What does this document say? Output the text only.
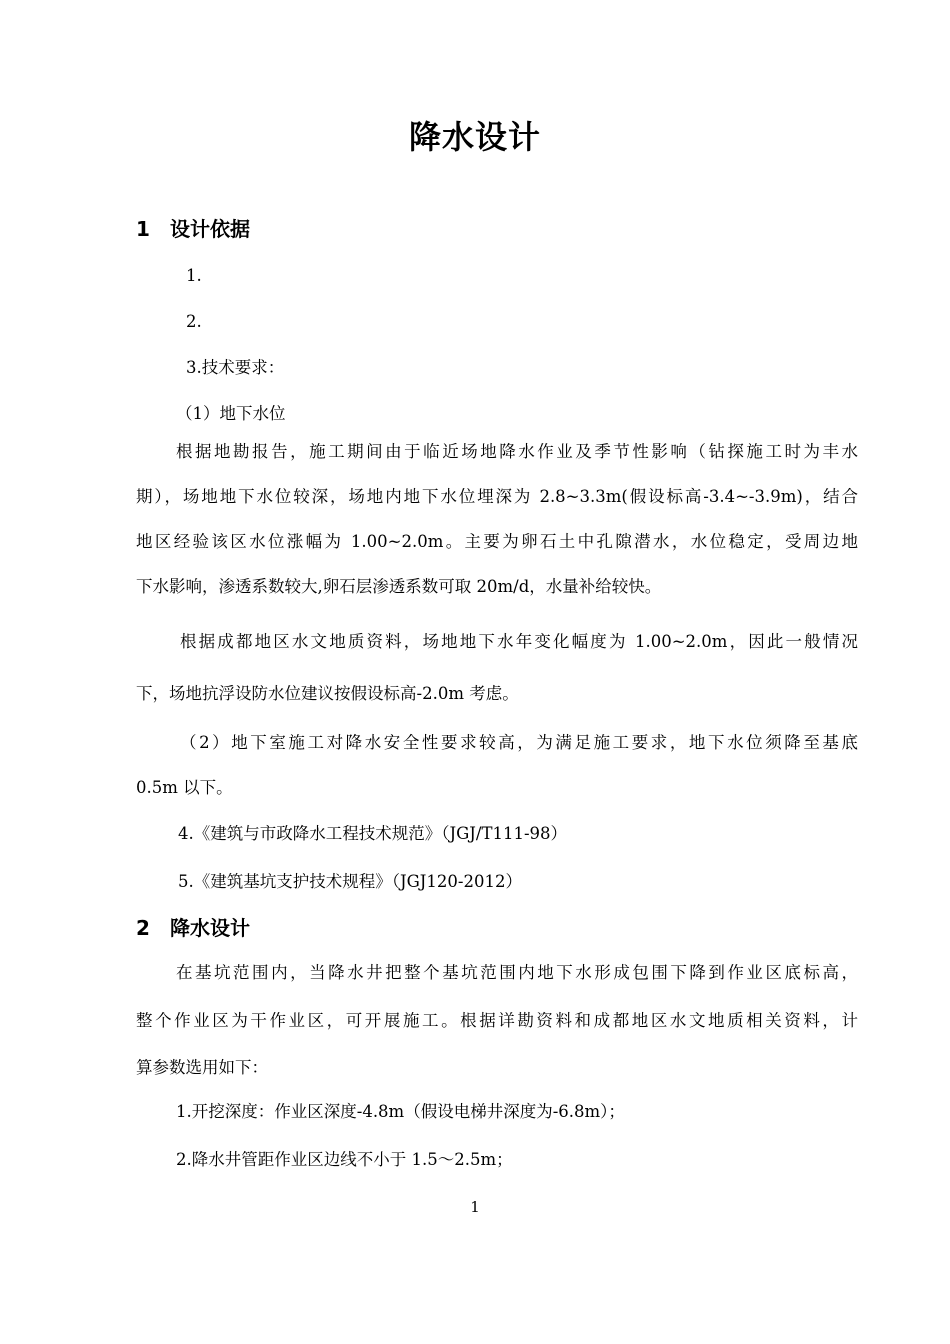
降水设计
1 设计依据
1.
2.
3.技术要求：
（1）地下水位
根据地勘报告，施工期间由于临近场地降水作业及季节性影响（钻探施工时为丰水
期），场地地下水位较深，场地内地下水位埋深为 2.8~3.3m(假设标高-3.4~-3.9m)，结合
地区经验该区水位涨幅为 1.00~2.0m。主要为卵石土中孔隙潜水，水位稳定，受周边地
下水影响，渗透系数较大,卵石层渗透系数可取 20m/d，水量补给较快。
根据成都地区水文地质资料，场地地下水年变化幅度为 1.00~2.0m，因此一般情况
下，场地抗浮设防水位建议按假设标高-2.0m 考虑。
（2）地下室施工对降水安全性要求较高，为满足施工要求，地下水位须降至基底
0.5m 以下。
4.《建筑与市政降水工程技术规范》（JGJ/T111-98）
5.《建筑基坑支护技术规程》（JGJ120-2012）
2 降水设计
在基坑范围内，当降水井把整个基坑范围内地下水形成包围下降到作业区底标高，
整个作业区为干作业区，可开展施工。根据详勘资料和成都地区水文地质相关资料，计
算参数选用如下：
1.开挖深度：作业区深度-4.8m（假设电梯井深度为-6.8m）；
2.降水井管距作业区边线不小于 1.5～2.5m；
1
